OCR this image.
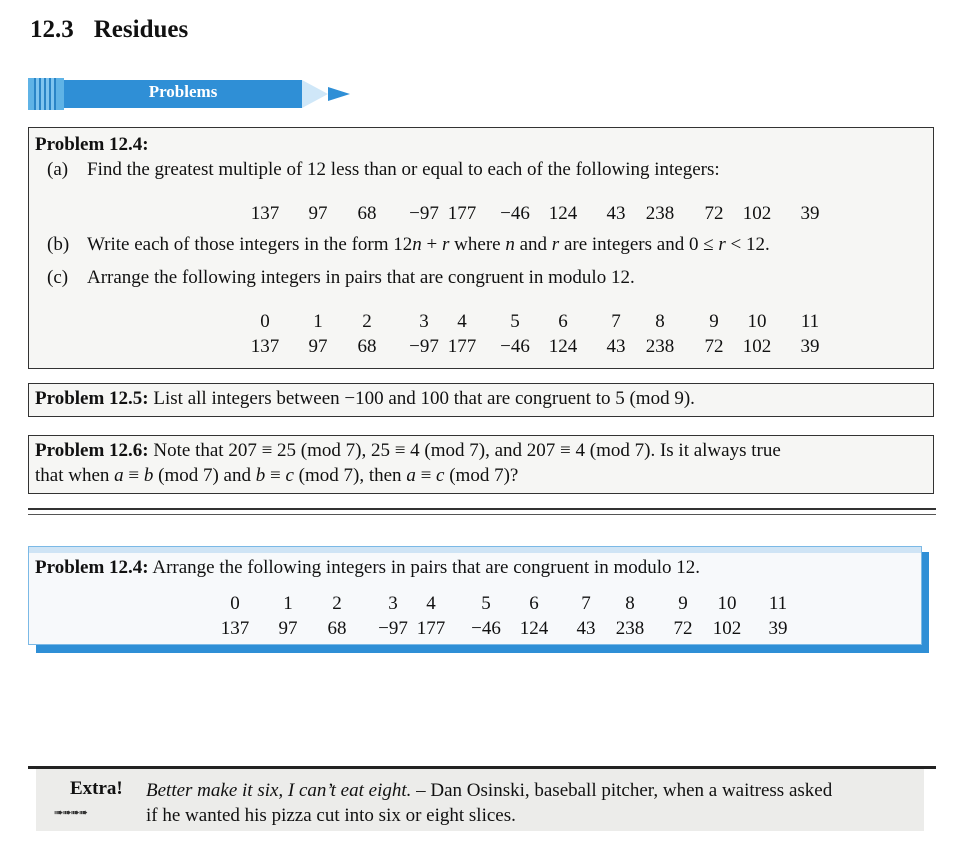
12.3 Residues
Problems
Problem 12.4:
(a) Find the greatest multiple of 12 less than or equal to each of the following integers:
137 97 68 −97 177 −46 124 43 238 72 102 39
(b) Write each of those integers in the form 12n + r where n and r are integers and 0 ≤ r < 12.
(c) Arrange the following integers in pairs that are congruent in modulo 12.
0 1 2	3 4 5 6 7 8 9 10 11
137 97 68 −97 177 −46 124 43 238 72 102 39
Problem 12.5: List all integers between −100 and 100 that are congruent to 5 (mod 9).
Problem 12.6: Note that 207 ≡ 25 (mod 7), 25 ≡ 4 (mod 7), and 207 ≡ 4 (mod 7). Is it always true
that when a ≡ b (mod 7) and b ≡ c (mod 7), then a ≡ c (mod 7)?
Problem 12.4: Arrange the following integers in pairs that are congruent in modulo 12.
0 1 2 3 4 5 6 7 8 9 10 11
137 97 68 −97 177 −46 124 43 238 72 102 39
Extra!
➠➠➠➠
Better make it six, I can’t eat eight. – Dan Osinski, baseball pitcher, when a waitress asked
if he wanted his pizza cut into six or eight slices.
